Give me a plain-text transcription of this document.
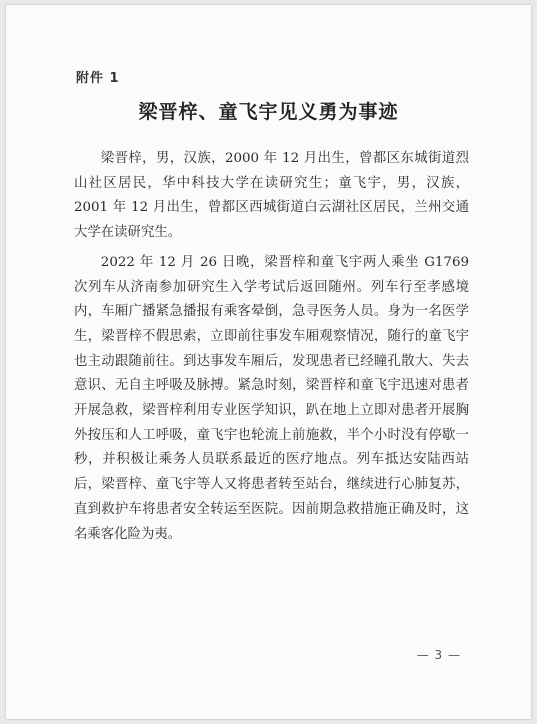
附件 1
梁晋梓、童飞宇见义勇为事迹

梁晋梓，男，汉族，2000 年 12 月出生，曾都区东城街道烈山社区居民，华中科技大学在读研究生；童飞宇，男，汉族，2001 年 12 月出生，曾都区西城街道白云湖社区居民，兰州交通大学在读研究生。

2022 年 12 月 26 日晚，梁晋梓和童飞宇两人乘坐 G1769 次列车从济南参加研究生入学考试后返回随州。列车行至孝感境内，车厢广播紧急播报有乘客晕倒，急寻医务人员。身为一名医学生，梁晋梓不假思索，立即前往事发车厢观察情况，随行的童飞宇也主动跟随前往。到达事发车厢后，发现患者已经瞳孔散大、失去意识、无自主呼吸及脉搏。紧急时刻，梁晋梓和童飞宇迅速对患者开展急救，梁晋梓利用专业医学知识，趴在地上立即对患者开展胸外按压和人工呼吸，童飞宇也轮流上前施救，半个小时没有停歇一秒，并积极让乘务人员联系最近的医疗地点。列车抵达安陆西站后，梁晋梓、童飞宇等人又将患者转至站台，继续进行心肺复苏，直到救护车将患者安全转运至医院。因前期急救措施正确及时，这名乘客化险为夷。

— 3 —
